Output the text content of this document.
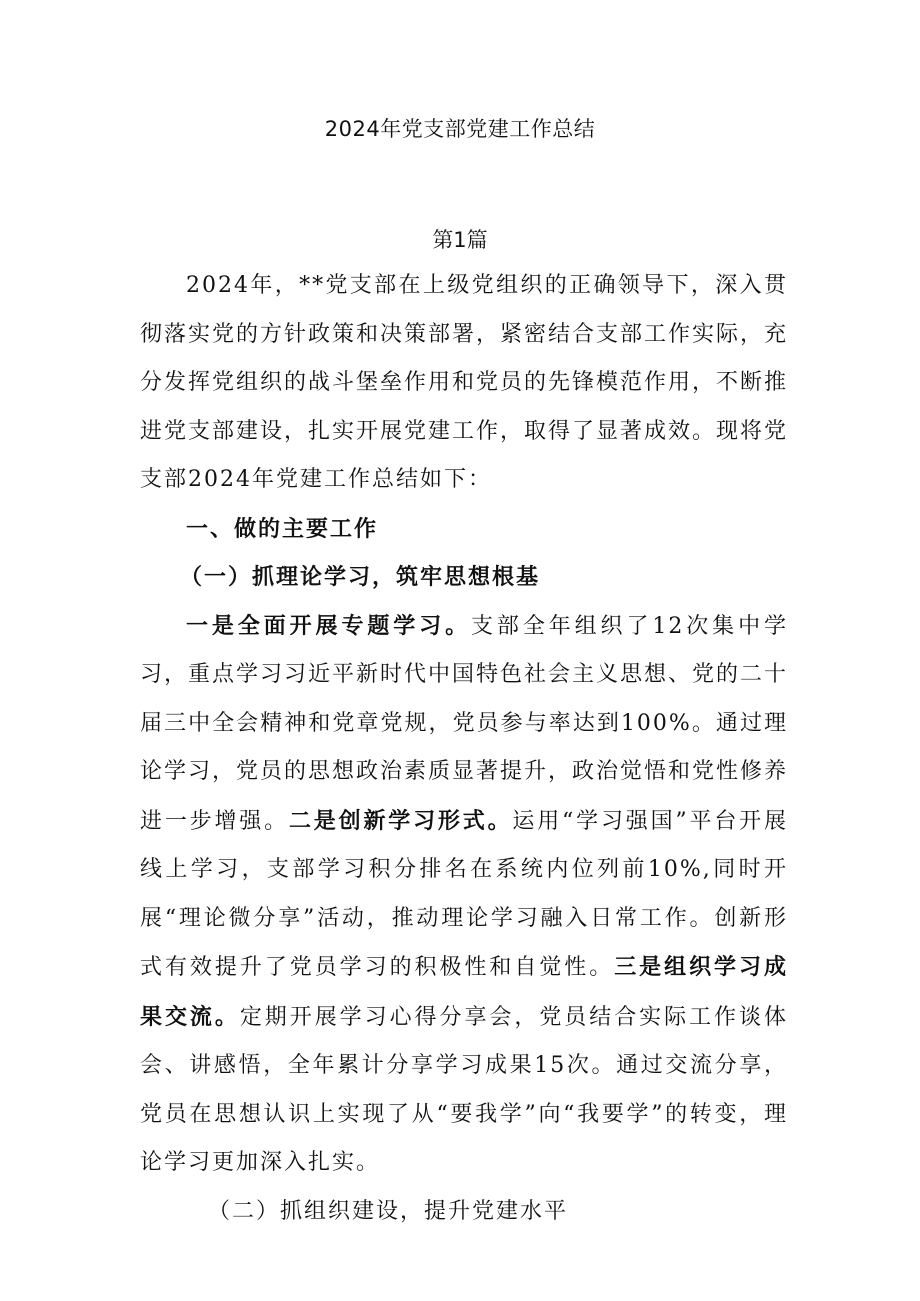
2024年党支部党建工作总结
第1篇

2024年，**党支部在上级党组织的正确领导下，深入贯彻落实党的方针政策和决策部署，紧密结合支部工作实际，充分发挥党组织的战斗堡垒作用和党员的先锋模范作用，不断推进党支部建设，扎实开展党建工作，取得了显著成效。现将党支部2024年党建工作总结如下：

一、做的主要工作

（一）抓理论学习，筑牢思想根基

一是全面开展专题学习。支部全年组织了12次集中学习，重点学习习近平新时代中国特色社会主义思想、党的二十届三中全会精神和党章党规，党员参与率达到100%。通过理论学习，党员的思想政治素质显著提升，政治觉悟和党性修养进一步增强。二是创新学习形式。运用“学习强国”平台开展线上学习，支部学习积分排名在系统内位列前10%,同时开展“理论微分享”活动，推动理论学习融入日常工作。创新形式有效提升了党员学习的积极性和自觉性。三是组织学习成果交流。定期开展学习心得分享会，党员结合实际工作谈体会、讲感悟，全年累计分享学习成果15次。通过交流分享，党员在思想认识上实现了从“要我学”向“我要学”的转变，理论学习更加深入扎实。

（二）抓组织建设，提升党建水平
